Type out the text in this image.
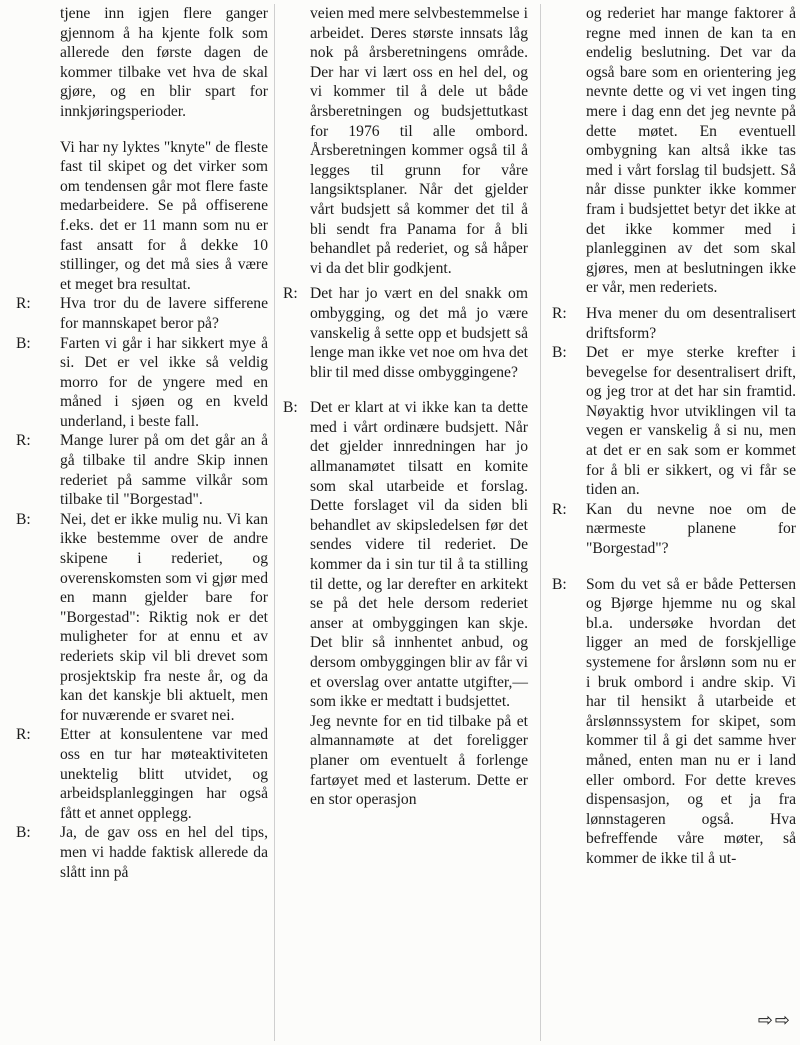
tjene inn igjen flere ganger gjennom å ha kjente folk som allerede den første dagen de kommer tilbake vet hva de skal gjøre, og en blir spart for innkjøringsperioder.

Vi har ny lyktes "knyte" de fleste fast til skipet og det virker som om tendensen går mot flere faste medarbeidere. Se på offiserene f.eks. det er 11 mann som nu er fast ansatt for å dekke 10 stillinger, og det må sies å være et meget bra resultat.

R:	Hva tror du de lavere sifferene for mannskapet beror på?

B:	Farten vi går i har sikkert mye å si. Det er vel ikke så veldig morro for de yngere med en måned i sjøen og en kveld underland, i beste fall.

R:	Mange lurer på om det går an å gå tilbake til andre Skip innen rederiet på samme vilkår som tilbake til "Borgestad".

B:	Nei, det er ikke mulig nu. Vi kan ikke bestemme over de andre skipene i rederiet, og overenskomsten som vi gjør med en mann gjelder bare for "Borgestad": Riktig nok er det muligheter for at ennu et av rederiets skip vil bli drevet som prosjektskip fra neste år, og da kan det kanskje bli aktuelt, men for nuværende er svaret nei.

R:	Etter at konsulentene var med oss en tur har møteaktiviteten unektelig blitt utvidet, og arbeidsplanleggingen har også fått et annet opplegg.

B:	Ja, de gav oss en hel del tips, men vi hadde faktisk allerede da slått inn på

veien med mere selvbestemmelse i arbeidet. Deres største innsats låg nok på årsberetningens område. Der har vi lært oss en hel del, og vi kommer til å dele ut både årsberetningen og budsjettutkast for 1976 til alle ombord. Årsberetningen kommer også til å legges til grunn for våre langsiktsplaner. Når det gjelder vårt budsjett så kommer det til å bli sendt fra Panama for å bli behandlet på rederiet, og så håper vi da det blir godkjent.

R: Det har jo vært en del snakk om ombygging, og det må jo være vanskelig å sette opp et budsjett så lenge man ikke vet noe om hva det blir til med disse ombyggingene?

B: Det er klart at vi ikke kan ta dette med i vårt ordinære budsjett. Når det gjelder innredningen har jo allmanamøtet tilsatt en komite som skal utarbeide et forslag. Dette forslaget vil da siden bli behandlet av skipsledelsen før det sendes videre til rederiet. De kommer da i sin tur til å ta stilling til dette, og lar derefter en arkitekt se på det hele dersom rederiet anser at ombyggingen kan skje. Det blir så innhentet anbud, og dersom ombyggingen blir av får vi et overslag over antatte utgifter,— som ikke er medtatt i budsjettet.

Jeg nevnte for en tid tilbake på et almannamøte at det foreligger planer om eventuelt å forlenge fartøyet med et lasterum. Dette er en stor operasjon

og rederiet har mange faktorer å regne med innen de kan ta en endelig beslutning. Det var da også bare som en orientering jeg nevnte dette og vi vet ingen ting mere i dag enn det jeg nevnte på dette møtet. En eventuell ombygning kan altså ikke tas med i vårt forslag til budsjett. Så når disse punkter ikke kommer fram i budsjettet betyr det ikke at det ikke kommer med i planlegginen av det som skal gjøres, men at beslutningen ikke er vår, men rederiets.

R:	Hva mener du om desentralisert driftsform?

B:	Det er mye sterke krefter i bevegelse for desentralisert drift, og jeg tror at det har sin framtid. Nøyaktig hvor utviklingen vil ta vegen er vanskelig å si nu, men at det er en sak som er kommet for å bli er sikkert, og vi får se tiden an.

R:	Kan du nevne noe om de nærmeste planene for "Borgestad"?

B:	Som du vet så er både Pettersen og Bjørge hjemme nu og skal bl.a. undersøke hvordan det ligger an med de forskjellige systemene for årslønn som nu er i bruk ombord i andre skip. Vi har til hensikt å utarbeide et årslønnssystem for skipet, som kommer til å gi det samme hver måned, enten man nu er i land eller ombord. For dette kreves dispensasjon, og et ja fra lønnstageren også. Hva befreffende våre møter, så kommer de ikke til å ut-

⇨⇨
